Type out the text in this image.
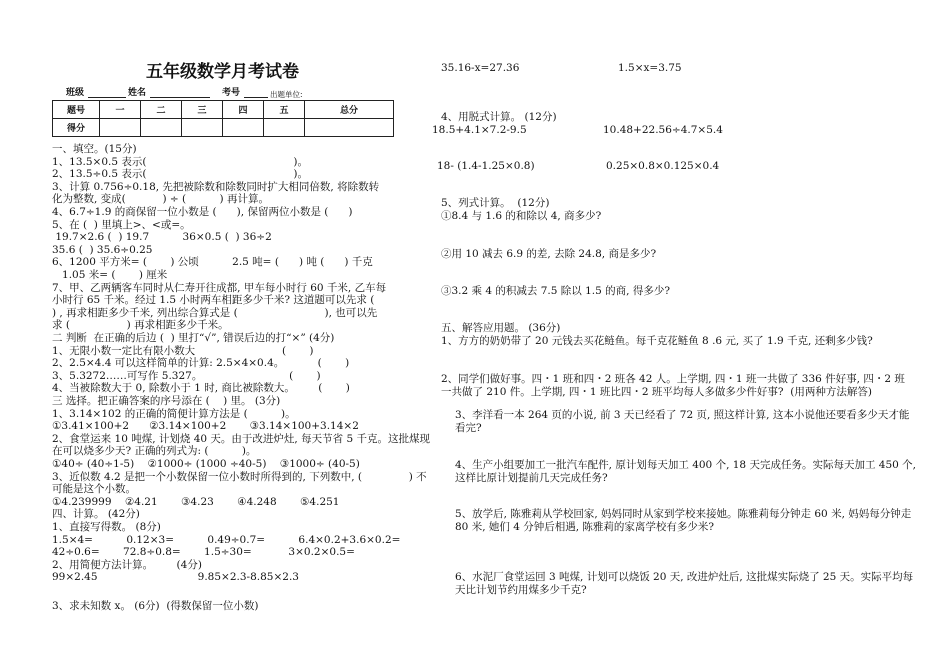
五年级数学月考试卷
班级	姓名	考号	出题单位:
题号	一	二	三	四	五	总分
得分						
一、填空。(15分)
1、13.5×0.5 表示(                                            )。
2、13.5÷0.5 表示(                                            )。
3、计算 0.756÷0.18, 先把被除数和除数同时扩大相同倍数, 将除数转
化为整数, 变成(           ) ÷ (          ) 再计算。
4、6.7÷1.9 的商保留一位小数是 (      ), 保留两位小数是 (      )
5、在 (  ) 里填上>、<或=。
19.7×2.6 (  ) 19.7          36×0.5 (  ) 36÷2
35.6 (  ) 35.6÷0.25
6、1200 平方米= (       ) 公顷          2.5 吨= (      ) 吨 (      ) 千克
1.05 米= (       ) 厘米
7、甲、乙两辆客车同时从仁寿开往成都, 甲车每小时行 60 千米, 乙车每
小时行 65 千米。经过 1.5 小时两车相距多少千米? 这道题可以先求 (
) , 再求相距多少千米, 列出综合算式是 (                          ), 也可以先
求 (                 ) 再求相距多少千米。
二 判断  在正确的后边 (  ) 里打“√”, 错误后边的打“×” (4分)
1、无限小数一定比有限小数大                          (       )
2、2.5×4.4 可以这样简单的计算: 2.5×4×0.4。          (       )
3、5.3272……可写作 5.327。                          (       )
4、当被除数大于 0, 除数小于 1 时, 商比被除数大。       (       )
三 选择。把正确答案的序号添在 (    ) 里。 (3分)
1、3.14×102 的正确的简便计算方法是 (          )。
①3.41×100+2      ②3.14×100+2       ③3.14×100+3.14×2
2、食堂运来 10 吨煤, 计划烧 40 天。由于改进炉灶, 每天节省 5 千克。这批煤现
在可以烧多少天? 正确的列式为: (          )。
①40÷ (40÷1-5)    ②1000÷ (1000 ÷40-5)    ③1000÷ (40-5)
3、近似数 4.2 是把一个小数保留一位小数时所得到的, 下列数中, (              ) 不
可能是这个小数。
①4.239999    ②4.21       ③4.23       ④4.248       ⑤4.251
四、计算。 (42分)
1、直接写得数。 (8分)
1.5×4=          0.12×3=          0.49÷0.7=          6.4×0.2+3.6×0.2=
42÷0.6=       72.8÷0.8=       1.5÷30=           3×0.2×0.5=
2、用简便方法计算。       (4分)
99×2.45                              9.85×2.3-8.85×2.3
3、求未知数 x。 (6分)  (得数保留一位小数)
35.16-x=27.36	1.5×x=3.75
4、用脱式计算。 (12分)
18.5+4.1×7.2-9.5	10.48+22.56÷4.7×5.4
18- (1.4-1.25×0.8)	0.25×0.8×0.125×0.4
5、列式计算。  (12分)
①8.4 与 1.6 的和除以 4, 商多少?
②用 10 减去 6.9 的差, 去除 24.8, 商是多少?
③3.2 乘 4 的积减去 7.5 除以 1.5 的商, 得多少?
五、解答应用题。 (36分)
1、方方的奶奶带了 20 元钱去买花鲢鱼。每千克花鲢鱼 8 .6 元, 买了 1.9 千克, 还剩多少钱?
2、同学们做好事。四・1 班和四・2 班各 42 人。上学期, 四・1 班一共做了 336 件好事, 四・2 班
一共做了 210 件。上学期, 四・1 班比四・2 班平均每人多做多少件好事?  (用两种方法解答)
3、李洋看一本 264 页的小说, 前 3 天已经看了 72 页, 照这样计算, 这本小说他还要看多少天才能
看完?
4、生产小组要加工一批汽车配件, 原计划每天加工 400 个, 18 天完成任务。实际每天加工 450 个,
这样比原计划提前几天完成任务?
5、放学后, 陈雅莉从学校回家, 妈妈同时从家到学校来接她。陈雅莉每分钟走 60 米, 妈妈每分钟走
80 米, 她们 4 分钟后相遇, 陈雅莉的家离学校有多少米?
6、水泥厂食堂运回 3 吨煤, 计划可以烧饭 20 天, 改进炉灶后, 这批煤实际烧了 25 天。实际平均每
天比计划节约用煤多少千克?
